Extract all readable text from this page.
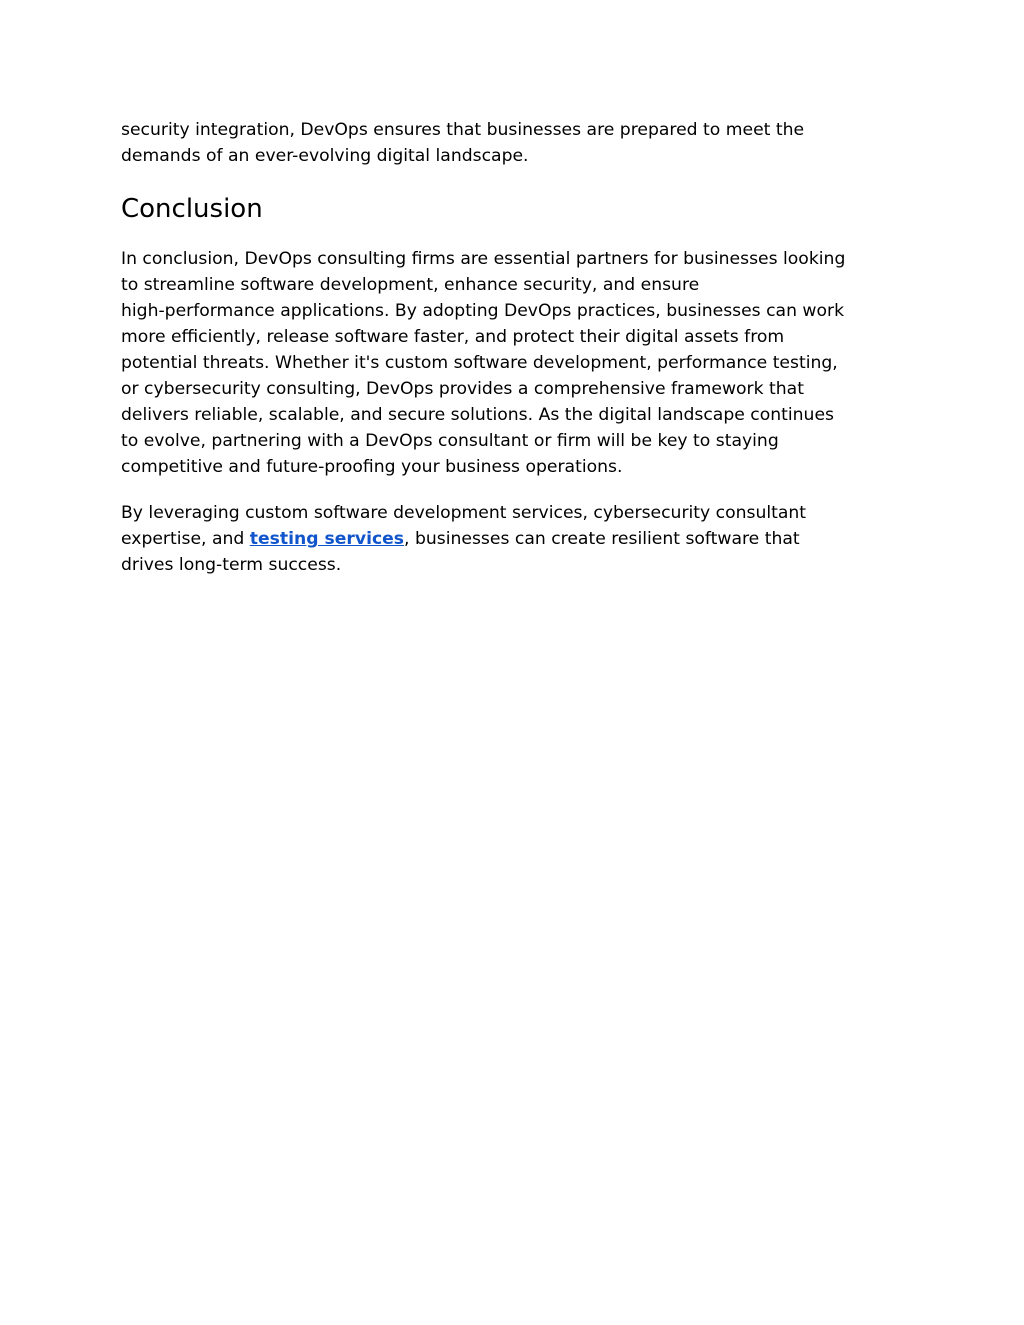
security integration, DevOps ensures that businesses are prepared to meet the
demands of an ever-evolving digital landscape.

Conclusion

In conclusion, DevOps consulting firms are essential partners for businesses looking
to streamline software development, enhance security, and ensure
high-performance applications. By adopting DevOps practices, businesses can work
more efficiently, release software faster, and protect their digital assets from
potential threats. Whether it's custom software development, performance testing,
or cybersecurity consulting, DevOps provides a comprehensive framework that
delivers reliable, scalable, and secure solutions. As the digital landscape continues
to evolve, partnering with a DevOps consultant or firm will be key to staying
competitive and future-proofing your business operations.

By leveraging custom software development services, cybersecurity consultant
expertise, and testing services, businesses can create resilient software that
drives long-term success.
